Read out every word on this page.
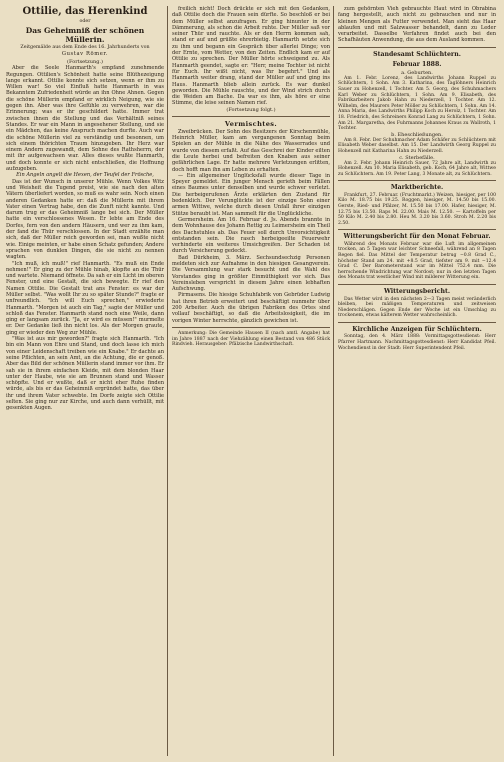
Ottilie, das Herenkind
oder
Das Geheimniß der schönen Müllerin.
Zeitgemälde aus dem Ende des 16. Jahrhunderts von
Gustav Römer.
(Fortsetzung.)

Aber die Seele Hanmarth's empfand zunehmende Regungen. Ottilien's Schönheit hatte seine Blüthezeigung lange erkannt. Ottilie konnte sich setzen, wenn er ihm zu Willen war! So viel Einfluß hatte Hanmarth in was Bekanntem Zufriedenheit würde an ihn Ohne Ahnen. Gegen die schöne Müllerin empfand er wirklich Neigung, wie sie gegen ihn. Aber was ihre Gefühle zu verwehren, war die Erinnerung; was er ihr geschildert hatte. Immer trat zwischen ihnen die Stellung und das Verhältniß seines Standes. Er war ein Mann in angesehener Stellung, und sie ein Mädchen, das keine Anspruch machen durfte. Auch war die schöne Müllerin viel zu verständig und besonnen, um sich einem thörichten Traum hinzugeben. Ihr Herz war einem Andern zugewandt, dem Sohne des Rathsherrn, der mit ihr aufgewachsen war. Alles dieses wußte Hanmarth, und doch konnte er sich nicht entschließen, die Hoffnung aufzugeben.

Ein Angeln angelt die Hexen, der Teufel der Frösche,

Das ist der Wunsch in unserer Mühle. Wenn Volkes Witz und Weisheit die Tugend preist, wie sie nach den alten Vätern überliefert worden, so muß es wahr sein. Noch einen anderen Gedanken hatte er: daß die Müllerin mit ihrem Vater einen Vertrag habe, den die Zunft nicht kannte. Und darum trug er das Geheimniß lange bei sich. Der Müller hatte ein verschlossenes Wesen. Er lebte am Ende des Dorfes, fern von den andern Häusern, und wer zu ihm kam, der fand die Thür verschlossen. In der Stadt erzählte man sich, daß der Müller reich geworden sei, man wußte nicht wie. Einige meinten, er habe einen Schatz gefunden; Andere sprachen von dunklen Dingen, die sie nicht zu nennen wagten.

"Ich muß, ich muß!" rief Hanmarth. "Es muß ein Ende nehmen!" Er ging zu der Mühle hinab, klopfte an die Thür und wartete. Niemand öffnete. Da sah er ein Licht im oberen Fenster, und eine Gestalt, die sich bewegte. Er rief den Namen Ottilie. Die Gestalt trat ans Fenster: es war der Müller selbst. "Was wollt Ihr zu so später Stunde?" fragte er unfreundlich. "Ich will Euch sprechen," erwiederte Hanmarth. "Morgen ist auch ein Tag," sagte der Müller und schloß das Fenster. Hanmarth stand noch eine Weile, dann ging er langsam zurück. "Ja, er wird es müssen!" murmelte er. Der Gedanke ließ ihn nicht los. Als der Morgen graute, ging er wieder den Weg zur Mühle.

"Was ist aus mir geworden?" fragte sich Hanmarth. "Ich bin ein Mann von Ehre und Stand, und doch lasse ich mich von einer Leidenschaft treiben wie ein Knabe." Er dachte an seine Pflichten, an sein Amt, an die Achtung, die er genoß. Aber das Bild der schönen Müllerin stand immer vor ihm. Er sah sie in ihrem einfachen Kleide, mit dem blonden Haar unter der Haube, wie sie am Brunnen stand und Wasser schöpfte. Und er wußte, daß er nicht eher Ruhe finden würde, als bis er das Geheimniß ergründet hatte, das über ihr und ihrem Vater schwebte. Im Dorfe zeigte sich Ottilie selten. Sie ging nur zur Kirche, und auch dann verhüllt, mit gesenkten Augen.

freilich nicht! Doch drückte er sich mit den Gedanken, daß Ottilie doch die Frauen sein dürfte. So beschloß er bei dem Müller selbst anzufragen. Er ging hinunter in der Dämmerung, als schon die Arbeit ruhte. Der Müller saß vor seiner Thür und rauchte. Als er den Herrn kommen sah, stand er auf und grüßte ehrerbietig. Hanmarth setzte sich zu ihm und begann ein Gespräch über allerlei Dinge; von der Ernte, vom Wetter, von den Zeiten. Endlich kam er auf Ottilie zu sprechen. Der Müller hörte schweigend zu. Als Hanmarth geendet, sagte er: "Herr, meine Tochter ist nicht für Euch. Ihr wißt nicht, was Ihr begehrt." Und als Hanmarth weiter drang, stand der Müller auf und ging ins Haus. Hanmarth blieb allein zurück. Es war dunkel geworden. Die Mühle rauschte, und der Wind strich durch die Weiden am Bache. Da war es ihm, als höre er eine Stimme, die leise seinen Namen rief.

(Fortsetzung folgt.)
Vermischtes.

Zweibrücken. Der Sohn des Besitzers der Kirschenmühle, Heinrich Müller, kam am vergangenen Sonntag beim Spielen an der Mühle in die Nähe des Wasserrades und wurde von diesem erfaßt. Auf das Geschrei der Kinder eilten die Leute herbei und befreiten den Knaben aus seiner gefährlichen Lage. Er hatte mehrere Verletzungen erlitten, doch hofft man ihn am Leben zu erhalten.

— Ein allgemeiner Unglücksfall wurde dieser Tage in Speyer gemeldet. Ein junger Mensch gerieth beim Fällen eines Baumes unter denselben und wurde schwer verletzt. Die herbeigerufenen Ärzte erklärten den Zustand für bedenklich. Der Verunglückte ist der einzige Sohn einer armen Wittwe, welche durch diesen Unfall ihrer einzigen Stütze beraubt ist. Man sammelt für die Unglückliche.

Germersheim. Am 16. Februar d. Js. Abends brannte in dem Wohnhause des Johann Rettig zu Leimersheim ein Theil des Dachstuhles ab. Das Feuer soll durch Unvorsichtigkeit entstanden sein. Die rasch herbeigeeilte Feuerwehr verhinderte ein weiteres Umsichgreifen. Der Schaden ist durch Versicherung gedeckt.

Bad Dürkheim, 3. März. Sechsundsechzig Personen meldeten sich zur Aufnahme in den hiesigen Gesangverein. Die Versammlung war stark besucht und die Wahl des Vorstandes ging in größter Einmüthigkeit vor sich. Das Vereinsleben verspricht in diesem Jahre einen lebhaften Aufschwung.

Pirmasens. Die hiesige Schuhfabrik von Gebrüder Ludwig hat ihren Betrieb erweitert und beschäftigt nunmehr über 200 Arbeiter. Auch die übrigen Fabriken des Ortes sind vollauf beschäftigt, so daß die Arbeitslosigkeit, die im vorigen Winter herrschte, gänzlich gewichen ist.

Anmerkung: Die Gemeinde Hausen II (nach amtl. Angabe) hat im Jahre 1887 nach der Viehzählung einen Bestand von 486 Stück Rindvieh. Herausgeber: Pfälzische Landwirthschaft.

zum gehörnten Vieh gebrauchte Haut wird in Obrabina fang hergestellt, auch nicht zu gebrauchen und nur in kleinen Mengen als Futter verwendet. Man sieht das Haar ablaufen und mit Salzwasser behandelt, dann zu Leder verarbeitet. Dasselbe Verfahren findet auch bei den Schafhäuten Anwendung, die aus dem Ausland kommen.

Standesamt Schlüchtern.
Februar 1888.
a. Geburten.

Am 1. Febr. Lorenz, des Landwirths Johann Ruppel zu Schlüchtern, 1 Sohn. Am 3. Katharina, des Taglöhners Heinrich Sauer zu Hohenzell, 1 Tochter. Am 5. Georg, des Schuhmachers Karl Weber zu Schlüchtern, 1 Sohn. Am 9. Elisabeth, des Fabrikarbeiters Jakob Hahn zu Niederzell, 1 Tochter. Am 12. Wilhelm, des Maurers Peter Möller zu Schlüchtern, 1 Sohn. Am 14. Anna Maria, des Landwirths Philipp Koch zu Herolz, 1 Tochter. Am 18. Friedrich, des Schreiners Konrad Lang zu Schlüchtern, 1 Sohn. Am 21. Margaretha, des Fuhrmanns Johannes Kraus zu Wallroth, 1 Tochter.

b. Eheschließungen.

Am 8. Febr. Der Schuhmacher Adam Schäfer zu Schlüchtern mit Elisabeth Weber daselbst. Am 15. Der Landwirth Georg Ruppel zu Hohenzell mit Katharina Hahn zu Niederzell.

c. Sterbefälle.

Am 2. Febr. Johann Heinrich Sauer, 72 Jahre alt, Landwirth zu Hohenzell. Am 10. Maria Elisabeth, geb. Koch, 64 Jahre alt, Wittwe zu Schlüchtern. Am 19. Peter Lang, 3 Monate alt, zu Schlüchtern.

Marktberichte.

Frankfurt, 27. Februar. (Fruchtmarkt.) Weizen, hiesiger, per 100 Kilo M. 18.75 bis 19.25. Roggen, hiesiger, M. 14.50 bis 15.00. Gerste, Ried- und Pfälzer, M. 15.50 bis 17.00. Hafer, hiesiger, M. 12.75 bis 13.50. Raps M. 22.00. Mais M. 12.50. — Kartoffeln per 50 Kilo M. 2.40 bis 2.80. Heu M. 3.20 bis 3.60. Stroh M. 2.20 bis 2.50.

Witterungsbericht für den Monat Februar.

Während des Monats Februar war die Luft im allgemeinen trocken, an 5 Tagen war leichter Schneefall, während an 8 Tagen Regen fiel. Das Mittel der Temperatur betrug −0.8 Grad C., höchster Stand am 24. mit +8.5 Grad, tiefster am 9. mit −12.4 Grad C. Der Barometerstand war im Mittel 752.4 mm. Die herrschende Windrichtung war Nordost; nur in den letzten Tagen des Monats trat westlicher Wind mit milderer Witterung ein.

Witterungsbericht.

Das Wetter wird in den nächsten 2—3 Tagen meist veränderlich bleiben, bei mäßigen Temperaturen und zeitweisen Niederschlägen. Gegen Ende der Woche ist ein Umschlag zu trockenem, etwas kälterem Wetter wahrscheinlich.

Kirchliche Anzeigen für Schlüchtern.

Sonntag, den 4. März 1888: Vormittagsgottesdienst: Herr Pfarrer Hartmann. Nachmittagsgottesdienst: Herr Kandidat Pfeil. Wochendienst in der Stadt: Herr Superintendent Pfeil.
